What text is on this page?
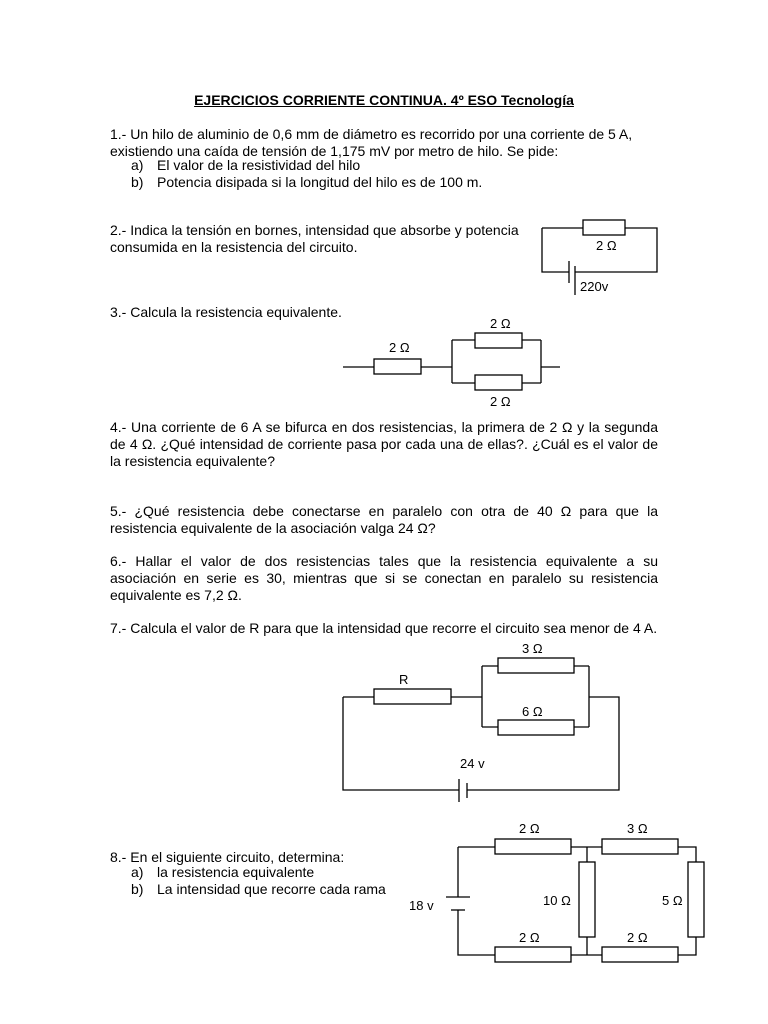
EJERCICIOS CORRIENTE CONTINUA. 4º ESO Tecnología
1.- Un hilo de aluminio de 0,6 mm de diámetro es recorrido por una corriente de 5 A,
existiendo una caída de tensión de 1,175 mV por metro de hilo. Se pide:
a) El valor de la resistividad del hilo
b) Potencia disipada si la longitud del hilo es de 100 m.
2.- Indica la tensión en bornes, intensidad que absorbe y potencia
consumida en la resistencia del circuito.
3.- Calcula la resistencia equivalente.
4.- Una corriente de 6 A se bifurca en dos resistencias, la primera de 2 Ω y la segunda de 4 Ω. ¿Qué intensidad de corriente pasa por cada una de ellas?. ¿Cuál es el valor de la resistencia equivalente?
5.- ¿Qué resistencia debe conectarse en paralelo con otra de 40 Ω para que la resistencia equivalente de la asociación valga 24 Ω?
6.- Hallar el valor de dos resistencias tales que la resistencia equivalente a su asociación en serie es 30, mientras que si se conectan en paralelo su resistencia equivalente es 7,2 Ω.
7.- Calcula el valor de R para que la intensidad que recorre el circuito sea menor de 4 A.
8.- En el siguiente circuito, determina:
a) la resistencia equivalente
b) La intensidad que recorre cada rama
2 Ω
220v
2 Ω
2 Ω
2 Ω
R
3 Ω
6 Ω
24 v
2 Ω	3 Ω
10 Ω	5 Ω
2 Ω	2 Ω
18 v
